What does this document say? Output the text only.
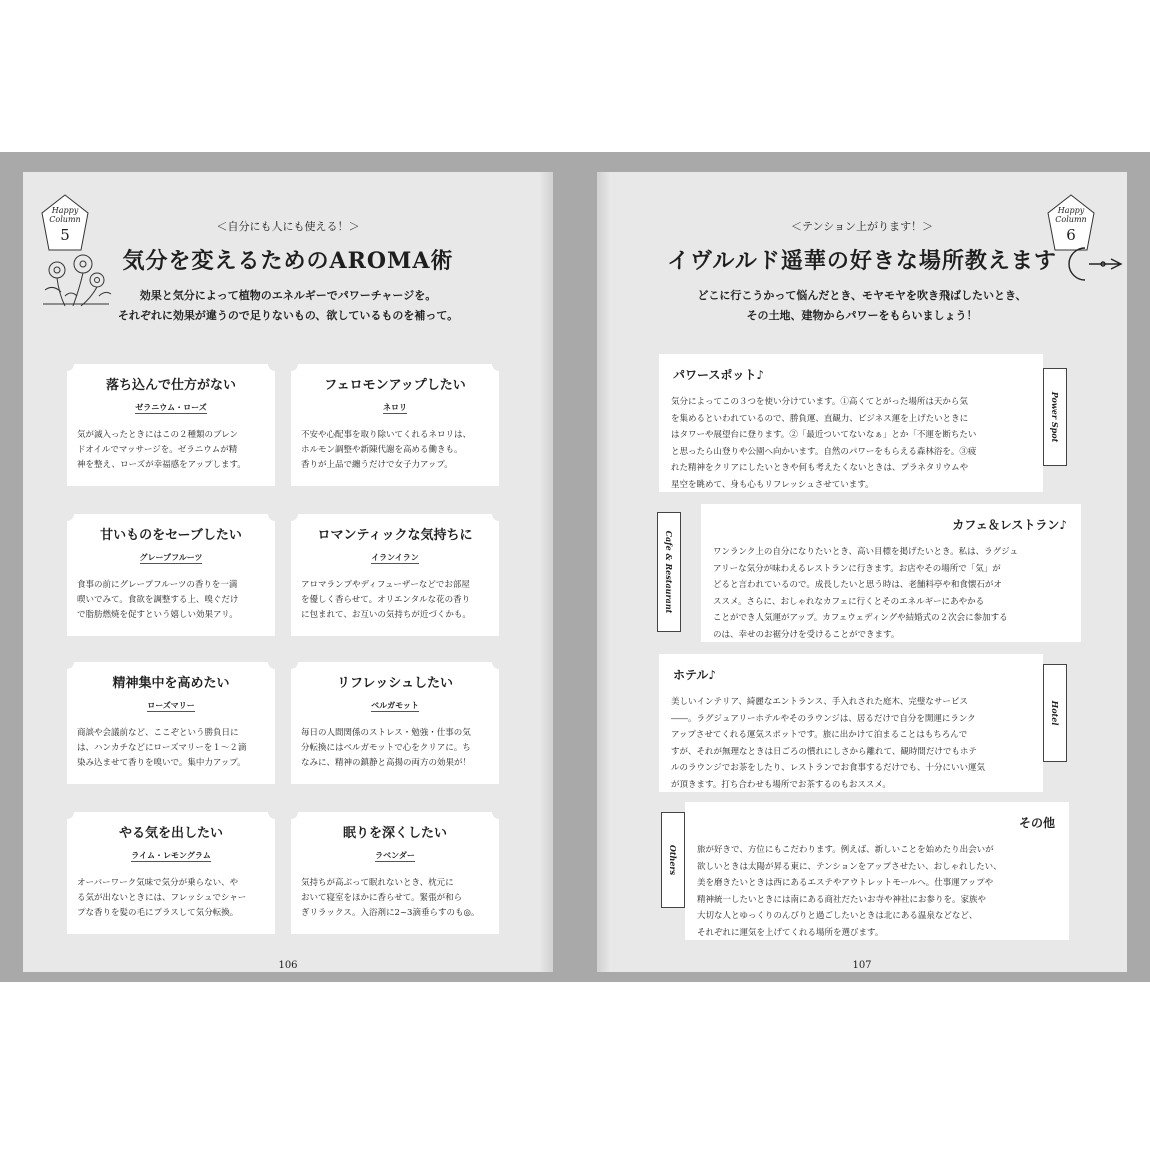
Happy
Column
5	＜自分にも人にも使える！＞
気分を変えるためのAROMA術
効果と気分によって植物のエネルギーでパワーチャージを。
それぞれに効果が違うので足りないもの、欲しているものを補って。
落ち込んで仕方がない
ゼラニウム・ローズ
気が滅入ったときにはこの２種類のブレン
ドオイルでマッサージを。ゼラニウムが精
神を整え、ローズが幸福感をアップします。
フェロモンアップしたい
ネロリ
不安や心配事を取り除いてくれるネロリは、
ホルモン調整や新陳代謝を高める働きも。
香りが上品で纏うだけで女子力アップ。
甘いものをセーブしたい
グレープフルーツ
食事の前にグレープフルーツの香りを一満
喫いでみて。食欲を調整する上、嗅ぐだけ
で脂肪燃焼を促すという嬉しい効果アリ。
ロマンティックな気持ちに
イランイラン
アロマランプやディフューザーなどでお部屋
を優しく香らせて。オリエンタルな花の香り
に包まれて、お互いの気持ちが近づくかも。
精神集中を高めたい
ローズマリー
商談や会議前など、ここぞという勝負日に
は、ハンカチなどにローズマリーを１～２滴
染み込ませて香りを嗅いで。集中力アップ。
リフレッシュしたい
ベルガモット
毎日の人間関係のストレス・勉強・仕事の気
分転換にはベルガモットで心をクリアに。ち
なみに、精神の鎮静と高揚の両方の効果が！
やる気を出したい
ライム・レモングラム
オーバーワーク気味で気分が乗らない、や
る気が出ないときには、フレッシュでシャー
プな香りを髪の毛にプラスして気分転換。
眠りを深くしたい
ラベンダー
気持ちが高ぶって眠れないとき、枕元に
おいて寝室をほかに香らせて。緊張が和ら
ぎリラックス。入浴剤に2~3滴垂らすのも◎。
106
Happy
Column
6
＜テンション上がります！＞
イヴルルド遥華の好きな場所教えます
どこに行こうかって悩んだとき、モヤモヤを吹き飛ばしたいとき、
その土地、建物からパワーをもらいましょう！
パワースポット♪
気分によってこの３つを使い分けています。①高くてとがった場所は天から気
を集めるといわれているので、勝負運、直観力、ビジネス運を上げたいときに
はタワーや展望台に登ります。②「最近ついてないなぁ」とか「不運を断ちたい
と思ったら山登りや公園へ向かいます。自然のパワーをもらえる森林浴を。③疲
れた精神をクリアにしたいときや何も考えたくないときは、プラネタリウムや
星空を眺めて、身も心もリフレッシュさせています。
Power Spot
カフェ＆レストラン♪
ワンランク上の自分になりたいとき、高い目標を掲げたいとき。私は、ラグジュ
アリーな気分が味わえるレストランに行きます。お店やその場所で「気」が
どると言われているので。成長したいと思う時は、老舗料亭や和食懐石がオ
ススメ。さらに、おしゃれなカフェに行くとそのエネルギーにあやかる
ことができ人気運がアップ。カフェウェディングや結婚式の２次会に参加する
のは、幸せのお裾分けを受けることができます。
Cafe & Restaurant
ホテル♪
美しいインテリア、綺麗なエントランス、手入れされた庭木、完璧なサービス
――。ラグジュアリーホテルやそのラウンジは、居るだけで自分を開運にランク
アップさせてくれる運気スポットです。旅に出かけて泊まることはもちろんで
すが、それが無理なときは日ごろの慣れにしさから離れて、観時間だけでもホテ
ルのラウンジでお茶をしたり、レストランでお食事するだけでも、十分にいい運気
が頂きます。打ち合わせも場所でお茶するのもおススメ。
Hotel
その他
旅が好きで、方位にもこだわります。例えば、新しいことを始めたり出会いが
欲しいときは太陽が昇る東に、テンションをアップさせたい、おしゃれしたい、
美を磨きたいときは西にあるエステやアウトレットモールへ。仕事運アップや
精神統一したいときには南にある商社だたいお寺や神社にお参りを。家族や
大切な人とゆっくりのんびりと過ごしたいときは北にある温泉などなど、
それぞれに運気を上げてくれる場所を選びます。
Others
107
